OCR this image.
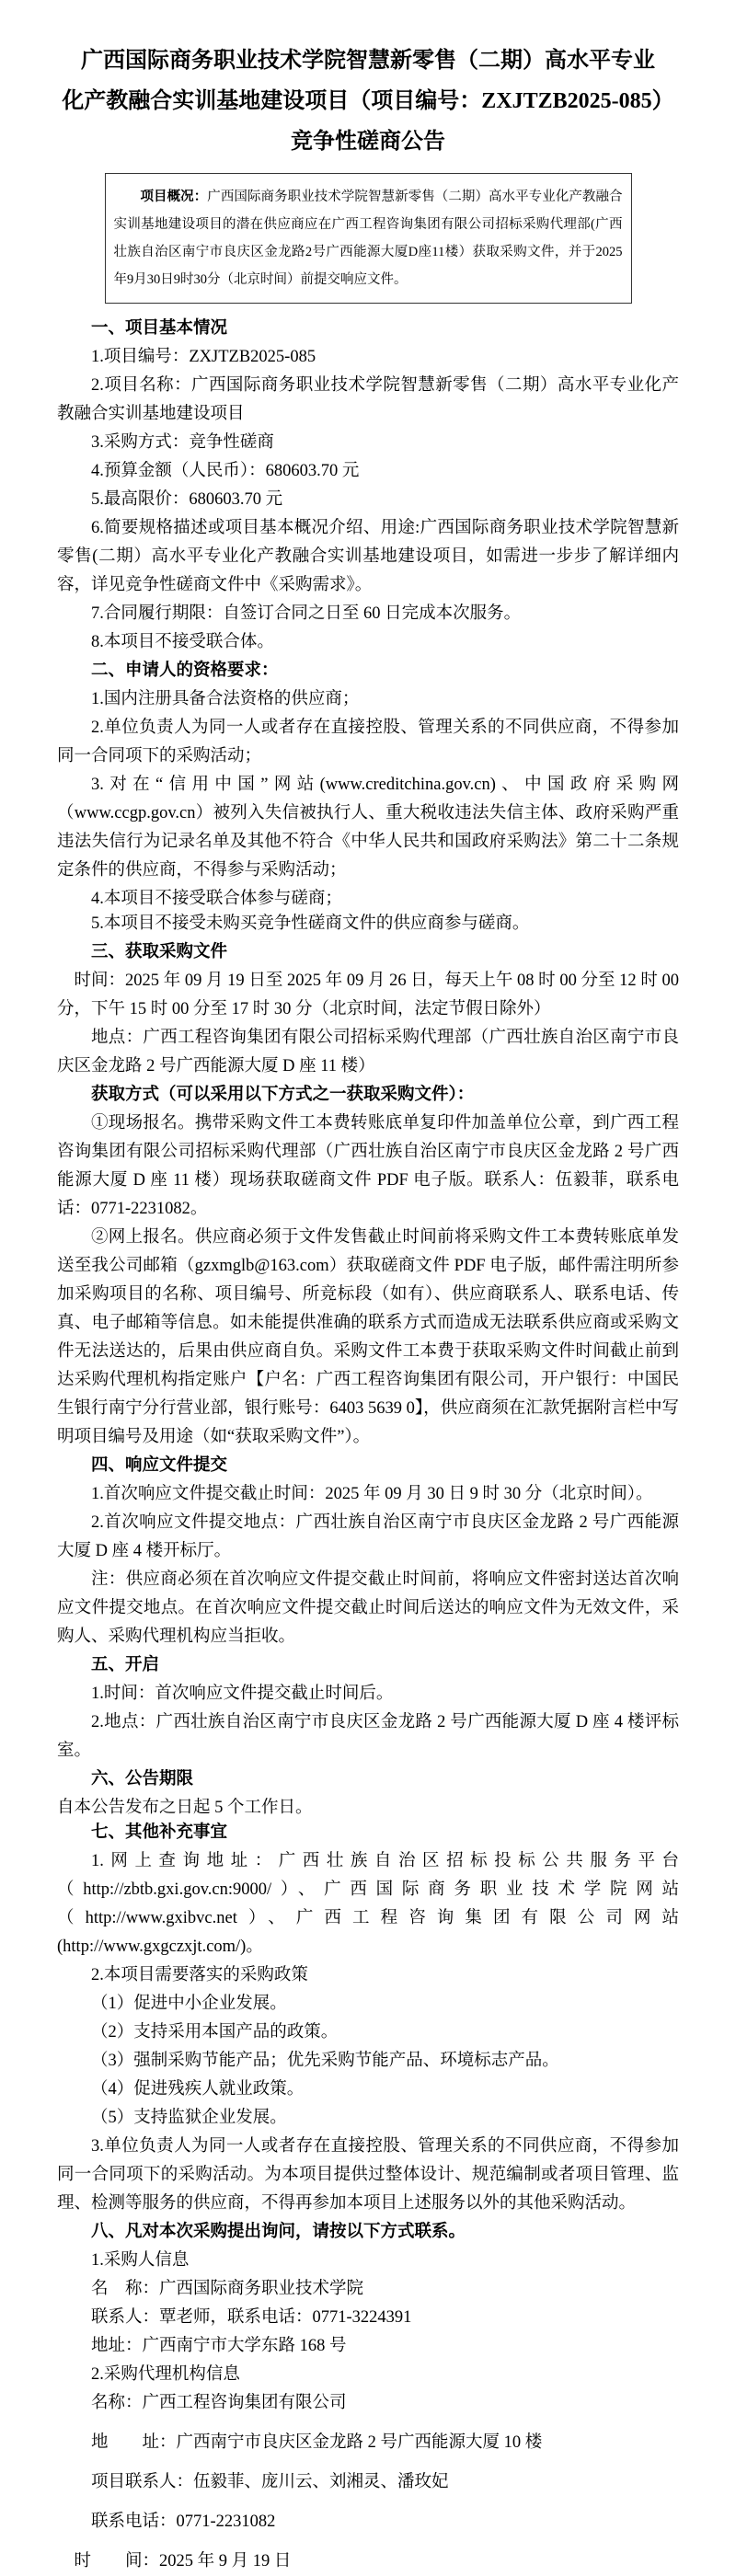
广西国际商务职业技术学院智慧新零售（二期）高水平专业
化产教融合实训基地建设项目（项目编号：ZXJTZB2025-085）
竞争性磋商公告

项目概况：广西国际商务职业技术学院智慧新零售（二期）高水平专业化产教融合实训基地建设项目的潜在供应商应在广西工程咨询集团有限公司招标采购代理部(广西壮族自治区南宁市良庆区金龙路2号广西能源大厦D座11楼）获取采购文件，并于2025年9月30日9时30分（北京时间）前提交响应文件。

一、项目基本情况

1.项目编号：ZXJTZB2025-085

2.项目名称：广西国际商务职业技术学院智慧新零售（二期）高水平专业化产教融合实训基地建设项目

3.采购方式：竞争性磋商

4.预算金额（人民币）：680603.70 元

5.最高限价：680603.70 元

6.简要规格描述或项目基本概况介绍、用途:广西国际商务职业技术学院智慧新零售(二期）高水平专业化产教融合实训基地建设项目，如需进一步步了解详细内容，详见竞争性磋商文件中《采购需求》。

7.合同履行期限：自签订合同之日至 60 日完成本次服务。

8.本项目不接受联合体。

二、申请人的资格要求：

1.国内注册具备合法资格的供应商；

2.单位负责人为同一人或者存在直接控股、管理关系的不同供应商，不得参加同一合同项下的采购活动；

3.对在“信用中国”网站(www.creditchina.gov.cn)、中国政府采购网（www.ccgp.gov.cn）被列入失信被执行人、重大税收违法失信主体、政府采购严重违法失信行为记录名单及其他不符合《中华人民共和国政府采购法》第二十二条规定条件的供应商，不得参与采购活动；

4.本项目不接受联合体参与磋商；

5.本项目不接受未购买竞争性磋商文件的供应商参与磋商。

三、获取采购文件

时间：2025 年 09 月 19 日至 2025 年 09 月 26 日，每天上午 08 时 00 分至 12 时 00 分，下午 15 时 00 分至 17 时 30 分（北京时间，法定节假日除外）

地点：广西工程咨询集团有限公司招标采购代理部（广西壮族自治区南宁市良庆区金龙路 2 号广西能源大厦 D 座 11 楼）

获取方式（可以采用以下方式之一获取采购文件）：

①现场报名。携带采购文件工本费转账底单复印件加盖单位公章，到广西工程咨询集团有限公司招标采购代理部（广西壮族自治区南宁市良庆区金龙路 2 号广西能源大厦 D 座 11 楼）现场获取磋商文件 PDF 电子版。联系人：伍毅菲，联系电话：0771-2231082。

②网上报名。供应商必须于文件发售截止时间前将采购文件工本费转账底单发送至我公司邮箱（gzxmglb@163.com）获取磋商文件 PDF 电子版，邮件需注明所参加采购项目的名称、项目编号、所竞标段（如有）、供应商联系人、联系电话、传真、电子邮箱等信息。如未能提供准确的联系方式而造成无法联系供应商或采购文件无法送达的，后果由供应商自负。采购文件工本费于获取采购文件时间截止前到达采购代理机构指定账户【户名：广西工程咨询集团有限公司，开户银行：中国民生银行南宁分行营业部，银行账号：6403 5639 0】，供应商须在汇款凭据附言栏中写明项目编号及用途（如“获取采购文件”）。

四、响应文件提交

1.首次响应文件提交截止时间：2025 年 09 月 30 日 9 时 30 分（北京时间）。

2.首次响应文件提交地点：广西壮族自治区南宁市良庆区金龙路 2 号广西能源大厦 D 座 4 楼开标厅。

注：供应商必须在首次响应文件提交截止时间前，将响应文件密封送达首次响应文件提交地点。在首次响应文件提交截止时间后送达的响应文件为无效文件，采购人、采购代理机构应当拒收。

五、开启

1.时间：首次响应文件提交截止时间后。

2.地点：广西壮族自治区南宁市良庆区金龙路 2 号广西能源大厦 D 座 4 楼评标室。

六、公告期限

自本公告发布之日起 5 个工作日。

七、其他补充事宜

1.网上查询地址：广西壮族自治区招标投标公共服务平台（http://zbtb.gxi.gov.cn:9000/）、广西国际商务职业技术学院网站（http://www.gxibvc.net）、广西工程咨询集团有限公司网站(http://www.gxgczxjt.com/)。

2.本项目需要落实的采购政策

（1）促进中小企业发展。

（2）支持采用本国产品的政策。

（3）强制采购节能产品；优先采购节能产品、环境标志产品。

（4）促进残疾人就业政策。

（5）支持监狱企业发展。

3.单位负责人为同一人或者存在直接控股、管理关系的不同供应商，不得参加同一合同项下的采购活动。为本项目提供过整体设计、规范编制或者项目管理、监理、检测等服务的供应商，不得再参加本项目上述服务以外的其他采购活动。

八、凡对本次采购提出询问，请按以下方式联系。

1.采购人信息

名　称：广西国际商务职业技术学院

联系人：覃老师，联系电话：0771-3224391

地址：广西南宁市大学东路 168 号

2.采购代理机构信息

名称：广西工程咨询集团有限公司

地　　址：广西南宁市良庆区金龙路 2 号广西能源大厦 10 楼

项目联系人：伍毅菲、庞川云、刘湘灵、潘玫妃

联系电话：0771-2231082

时　　间：2025 年 9 月 19 日
